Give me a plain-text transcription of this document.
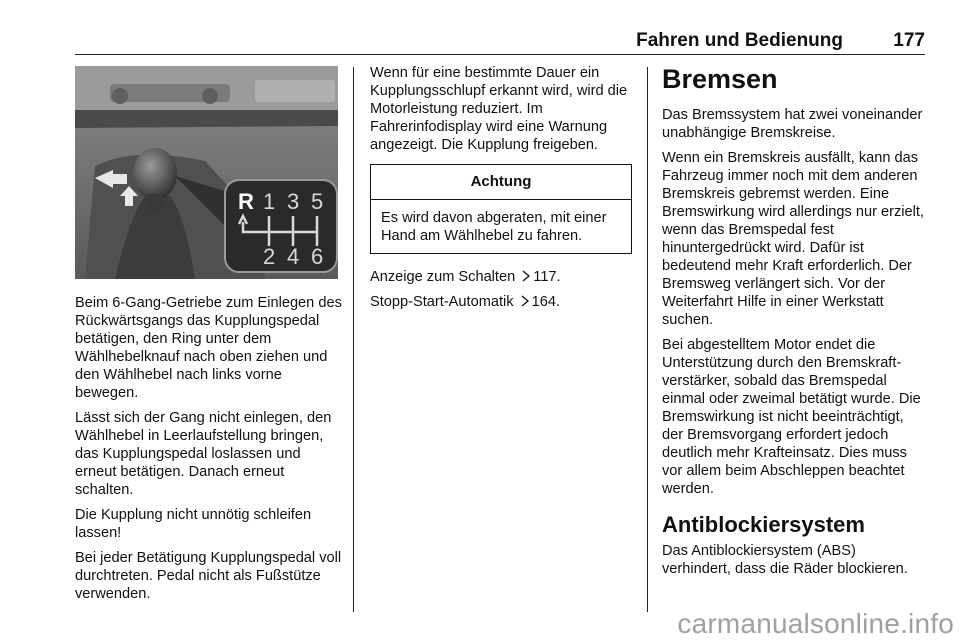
Fahren und Bedienung	177
R 1 3 5
2 4 6

Beim 6-Gang-Getriebe zum Einlegen des Rückwärtsgangs das Kupplungspedal betätigen, den Ring unter dem Wählhebelknauf nach oben ziehen und den Wählhebel nach links vorne bewegen.

Lässt sich der Gang nicht einlegen, den Wählhebel in Leerlaufstellung bringen, das Kupplungspedal loslassen und erneut betätigen. Danach erneut schalten.

Die Kupplung nicht unnötig schleifen lassen!

Bei jeder Betätigung Kupplungspedal voll durchtreten. Pedal nicht als Fußstütze verwenden.

Wenn für eine bestimmte Dauer ein Kupplungsschlupf erkannt wird, wird die Motorleistung reduziert. Im Fahrerinfodisplay wird eine Warnung angezeigt. Die Kupplung freigeben.

Achtung
Es wird davon abgeraten, mit einer Hand am Wählhebel zu fahren.

Anzeige zum Schalten 117.

Stopp-Start-Automatik 164.

Bremsen

Das Bremssystem hat zwei voneinander unabhängige Bremskreise.

Wenn ein Bremskreis ausfällt, kann das Fahrzeug immer noch mit dem anderen Bremskreis gebremst werden. Eine Bremswirkung wird allerdings nur erzielt, wenn das Bremspedal fest hinuntergedrückt wird. Dafür ist bedeutend mehr Kraft erforderlich. Der Bremsweg verlängert sich. Vor der Weiterfahrt Hilfe in einer Werkstatt suchen.

Bei abgestelltem Motor endet die Unterstützung durch den Bremskraftverstärker, sobald das Bremspedal einmal oder zweimal betätigt wurde. Die Bremswirkung ist nicht beeinträchtigt, der Bremsvorgang erfordert jedoch deutlich mehr Krafteinsatz. Dies muss vor allem beim Abschleppen beachtet werden.

Antiblockiersystem

Das Antiblockiersystem (ABS) verhindert, dass die Räder blockieren.

carmanualsonline.info
